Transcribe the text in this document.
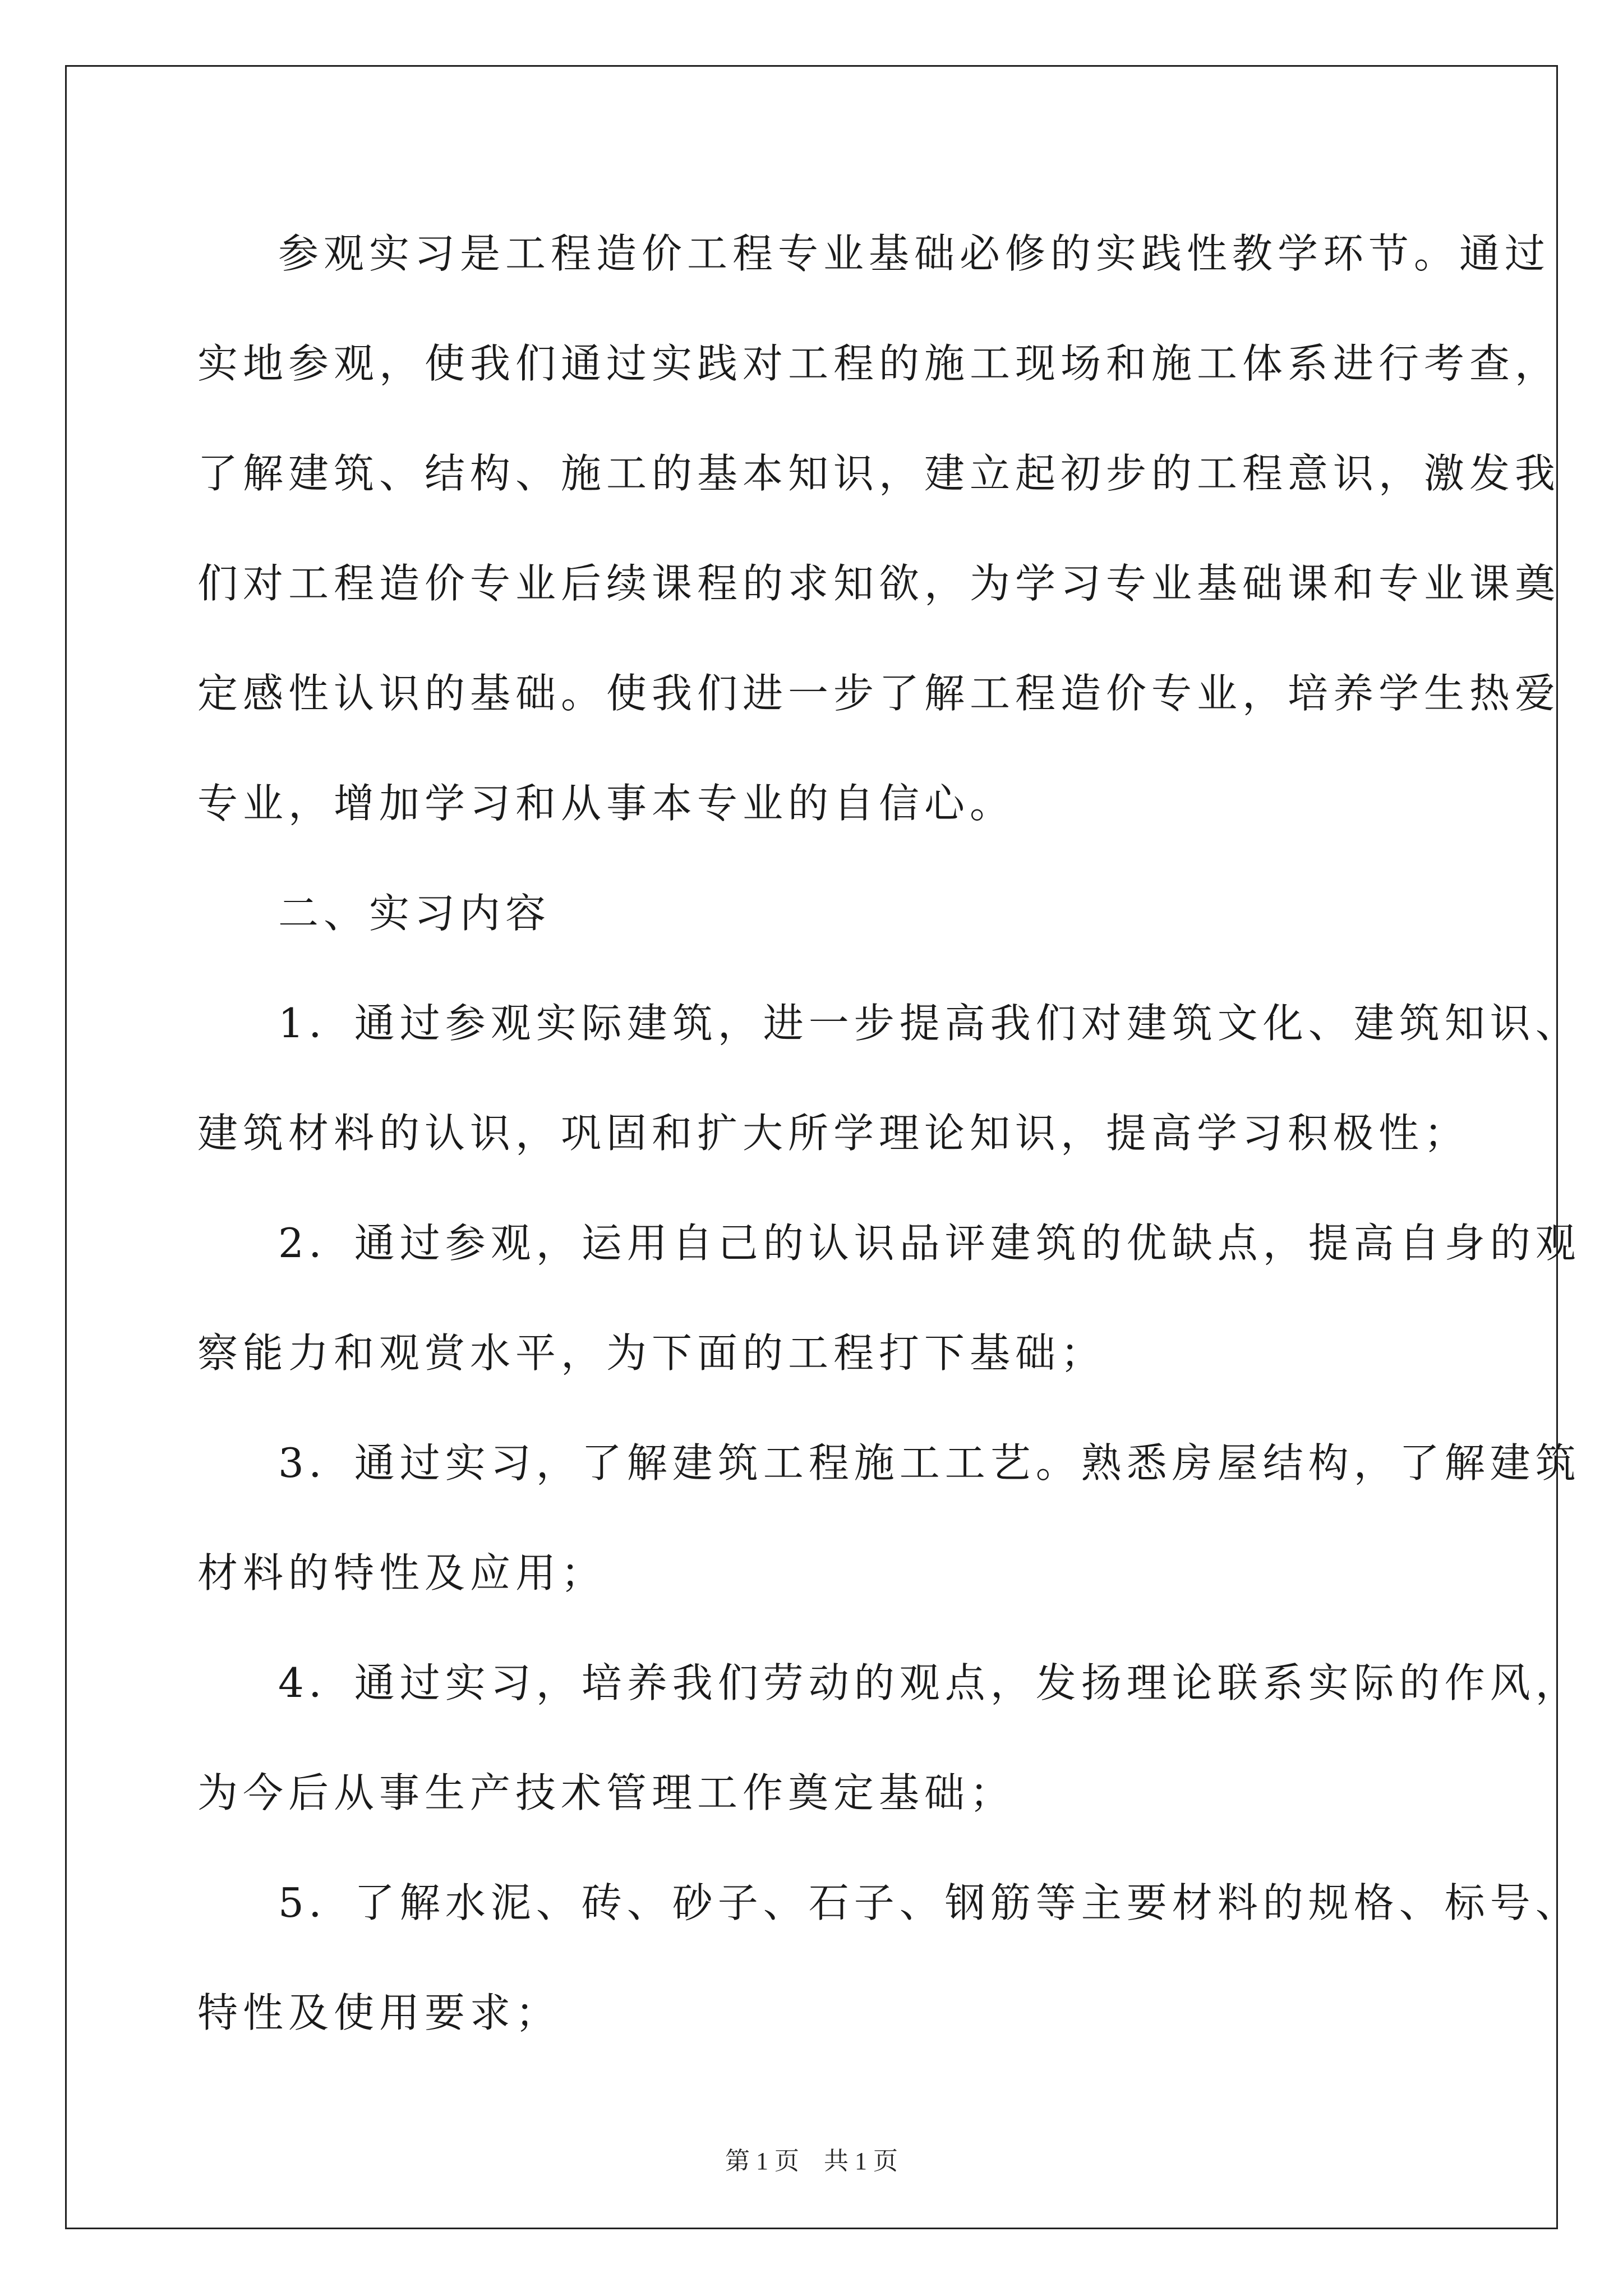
参观实习是工程造价工程专业基础必修的实践性教学环节。通过
实地参观，使我们通过实践对工程的施工现场和施工体系进行考查，
了解建筑、结构、施工的基本知识，建立起初步的工程意识，激发我
们对工程造价专业后续课程的求知欲，为学习专业基础课和专业课奠
定感性认识的基础。使我们进一步了解工程造价专业，培养学生热爱
专业，增加学习和从事本专业的自信心。
二、实习内容
1．通过参观实际建筑，进一步提高我们对建筑文化、建筑知识、
建筑材料的认识，巩固和扩大所学理论知识，提高学习积极性；
2．通过参观，运用自己的认识品评建筑的优缺点，提高自身的观
察能力和观赏水平，为下面的工程打下基础；
3．通过实习，了解建筑工程施工工艺。熟悉房屋结构，了解建筑
材料的特性及应用；
4．通过实习，培养我们劳动的观点，发扬理论联系实际的作风，
为今后从事生产技术管理工作奠定基础；
5．了解水泥、砖、砂子、石子、钢筋等主要材料的规格、标号、
特性及使用要求；
第 1 页　共 1 页
